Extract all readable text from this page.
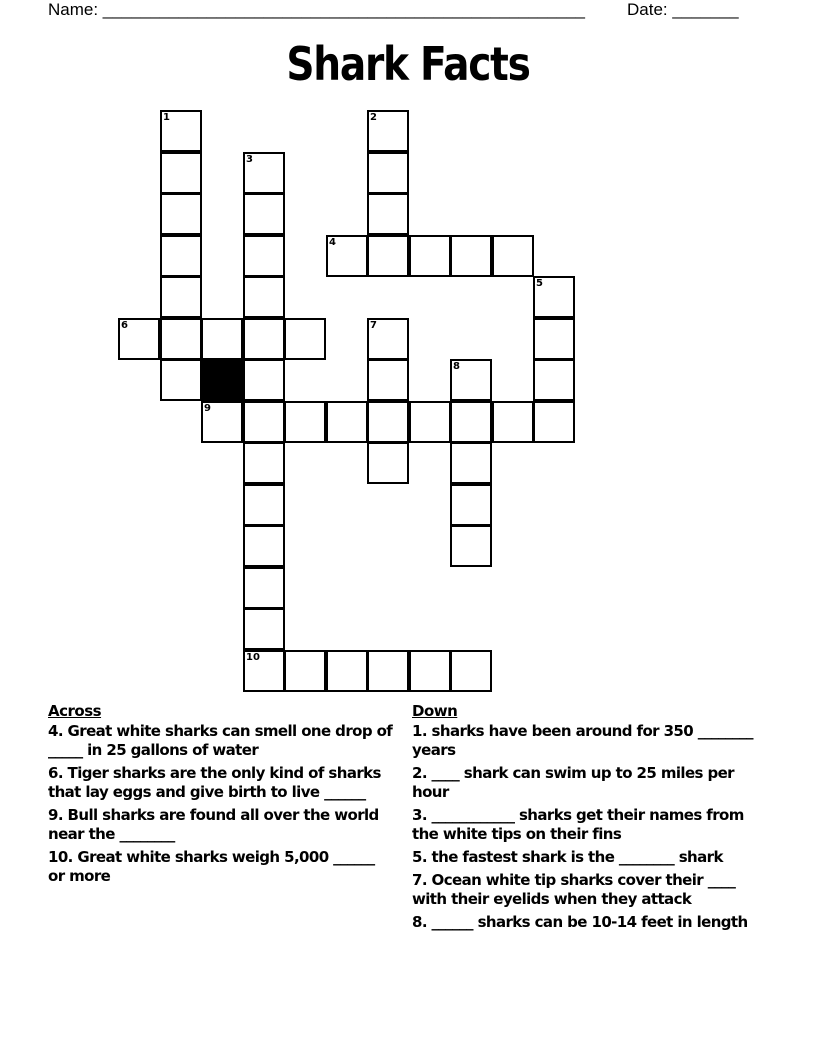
Name: ___________________________________________________ Date: _______
Shark Facts
1	2
3
10
4
5
6	7
8
9
Across
4. Great white sharks can smell one drop of _____ in 25 gallons of water
6. Tiger sharks are the only kind of sharks that lay eggs and give birth to live ______
9. Bull sharks are found all over the world near the ________
10. Great white sharks weigh 5,000 ______ or more
Down
1. sharks have been around for 350 ________ years
2. ____ shark can swim up to 25 miles per hour
3. ____________ sharks get their names from the white tips on their fins
5. the fastest shark is the ________ shark
7. Ocean white tip sharks cover their ____ with their eyelids when they attack
8. ______ sharks can be 10-14 feet in length
